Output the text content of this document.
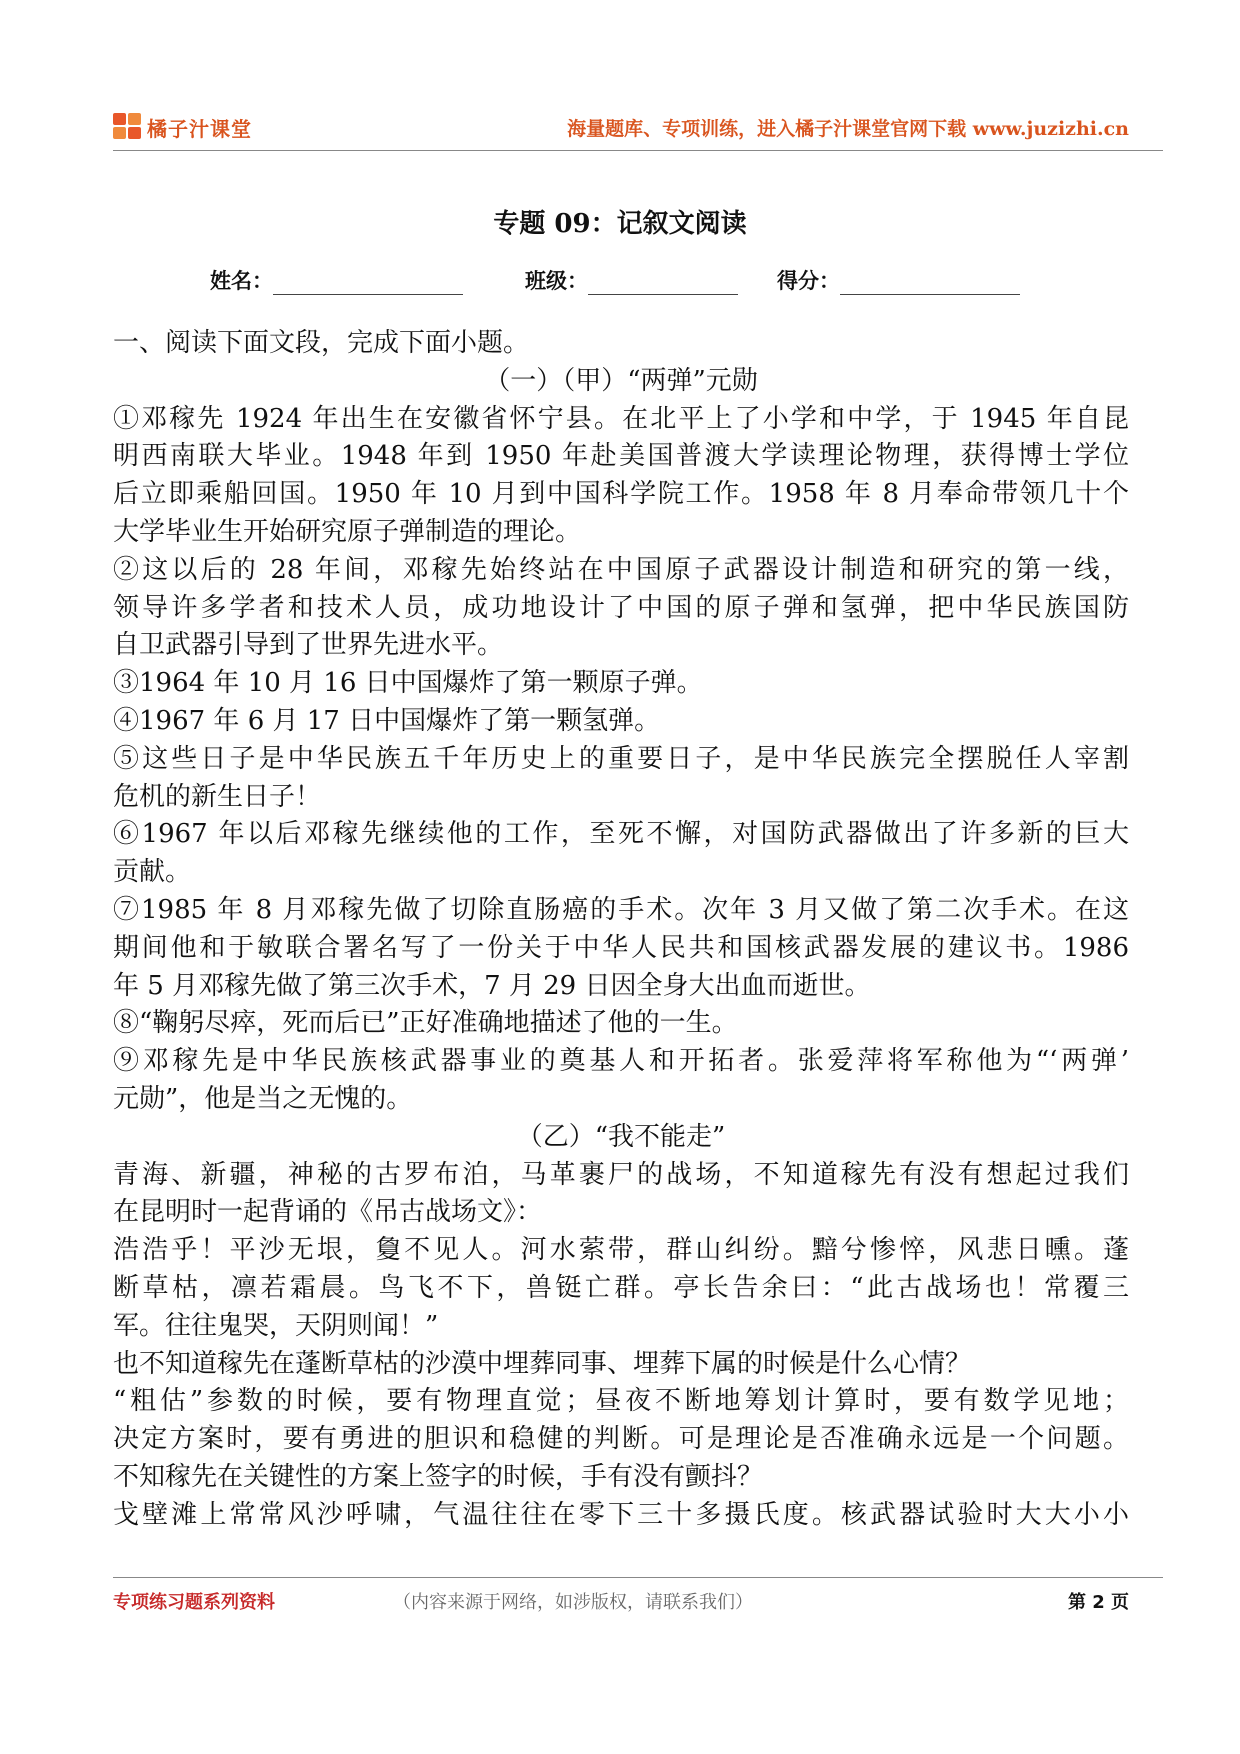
橘子汁课堂	海量题库、专项训练，进入橘子汁课堂官网下载 www.juzizhi.cn
专题 09：记叙文阅读
姓名：	班级：	得分：
一、阅读下面文段，完成下面小题。
（一）（甲）“两弹”元勋
①邓稼先 1924 年出生在安徽省怀宁县。在北平上了小学和中学，于 1945 年自昆
明西南联大毕业。1948 年到 1950 年赴美国普渡大学读理论物理，获得博士学位
后立即乘船回国。1950 年 10 月到中国科学院工作。1958 年 8 月奉命带领几十个
大学毕业生开始研究原子弹制造的理论。
②这以后的 28 年间，邓稼先始终站在中国原子武器设计制造和研究的第一线，
领导许多学者和技术人员，成功地设计了中国的原子弹和氢弹，把中华民族国防
自卫武器引导到了世界先进水平。
③1964 年 10 月 16 日中国爆炸了第一颗原子弹。
④1967 年 6 月 17 日中国爆炸了第一颗氢弹。
⑤这些日子是中华民族五千年历史上的重要日子，是中华民族完全摆脱任人宰割
危机的新生日子！
⑥1967 年以后邓稼先继续他的工作，至死不懈，对国防武器做出了许多新的巨大
贡献。
⑦1985 年 8 月邓稼先做了切除直肠癌的手术。次年 3 月又做了第二次手术。在这
期间他和于敏联合署名写了一份关于中华人民共和国核武器发展的建议书。1986
年 5 月邓稼先做了第三次手术，7 月 29 日因全身大出血而逝世。
⑧“鞠躬尽瘁，死而后已”正好准确地描述了他的一生。
⑨邓稼先是中华民族核武器事业的奠基人和开拓者。张爱萍将军称他为“‘两弹’
元勋”，他是当之无愧的。
（乙）“我不能走”
青海、新疆，神秘的古罗布泊，马革裹尸的战场，不知道稼先有没有想起过我们
在昆明时一起背诵的《吊古战场文》：
浩浩乎！平沙无垠，敻不见人。河水萦带，群山纠纷。黯兮惨悴，风悲日曛。蓬
断草枯，凛若霜晨。鸟飞不下，兽铤亡群。亭长告余曰：“此古战场也！常覆三
军。往往鬼哭，天阴则闻！”
也不知道稼先在蓬断草枯的沙漠中埋葬同事、埋葬下属的时候是什么心情？
“粗估”参数的时候，要有物理直觉；昼夜不断地筹划计算时，要有数学见地；
决定方案时，要有勇进的胆识和稳健的判断。可是理论是否准确永远是一个问题。
不知稼先在关键性的方案上签字的时候，手有没有颤抖？
戈壁滩上常常风沙呼啸，气温往往在零下三十多摄氏度。核武器试验时大大小小
专项练习题系列资料	（内容来源于网络，如涉版权，请联系我们）	第 2 页
